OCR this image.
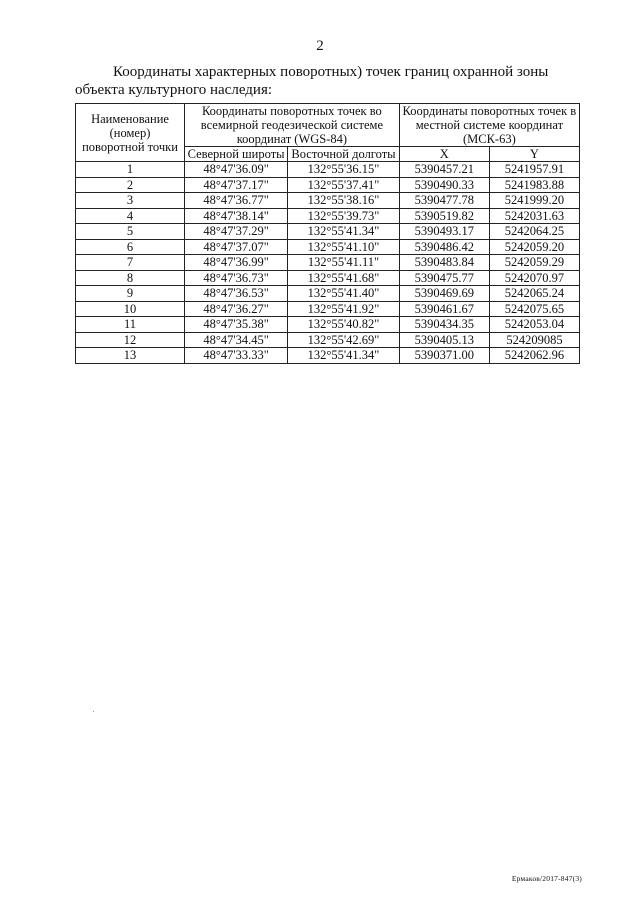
2
Координаты характерных поворотных) точек границ охранной зоны
объекта культурного наследия:
Наименование (номер) поворотной точки	Координаты поворотных точек во всемирной геодезической системе координат (WGS-84)		Координаты поворотных точек в местной системе координат (МСК-63)	
	Северной широты	Восточной долготы	X	Y
1	48°47'36.09"	132°55'36.15"	5390457.21	5241957.91
2	48°47'37.17"	132°55'37.41"	5390490.33	5241983.88
3	48°47'36.77"	132°55'38.16"	5390477.78	5241999.20
4	48°47'38.14"	132°55'39.73"	5390519.82	5242031.63
5	48°47'37.29"	132°55'41.34"	5390493.17	5242064.25
6	48°47'37.07"	132°55'41.10"	5390486.42	5242059.20
7	48°47'36.99"	132°55'41.11"	5390483.84	5242059.29
8	48°47'36.73"	132°55'41.68"	5390475.77	5242070.97
9	48°47'36.53"	132°55'41.40"	5390469.69	5242065.24
10	48°47'36.27"	132°55'41.92"	5390461.67	5242075.65
11	48°47'35.38"	132°55'40.82"	5390434.35	5242053.04
12	48°47'34.45"	132°55'42.69"	5390405.13	524209085
13	48°47'33.33"	132°55'41.34"	5390371.00	5242062.96
Ермаков/2017-847(3)
